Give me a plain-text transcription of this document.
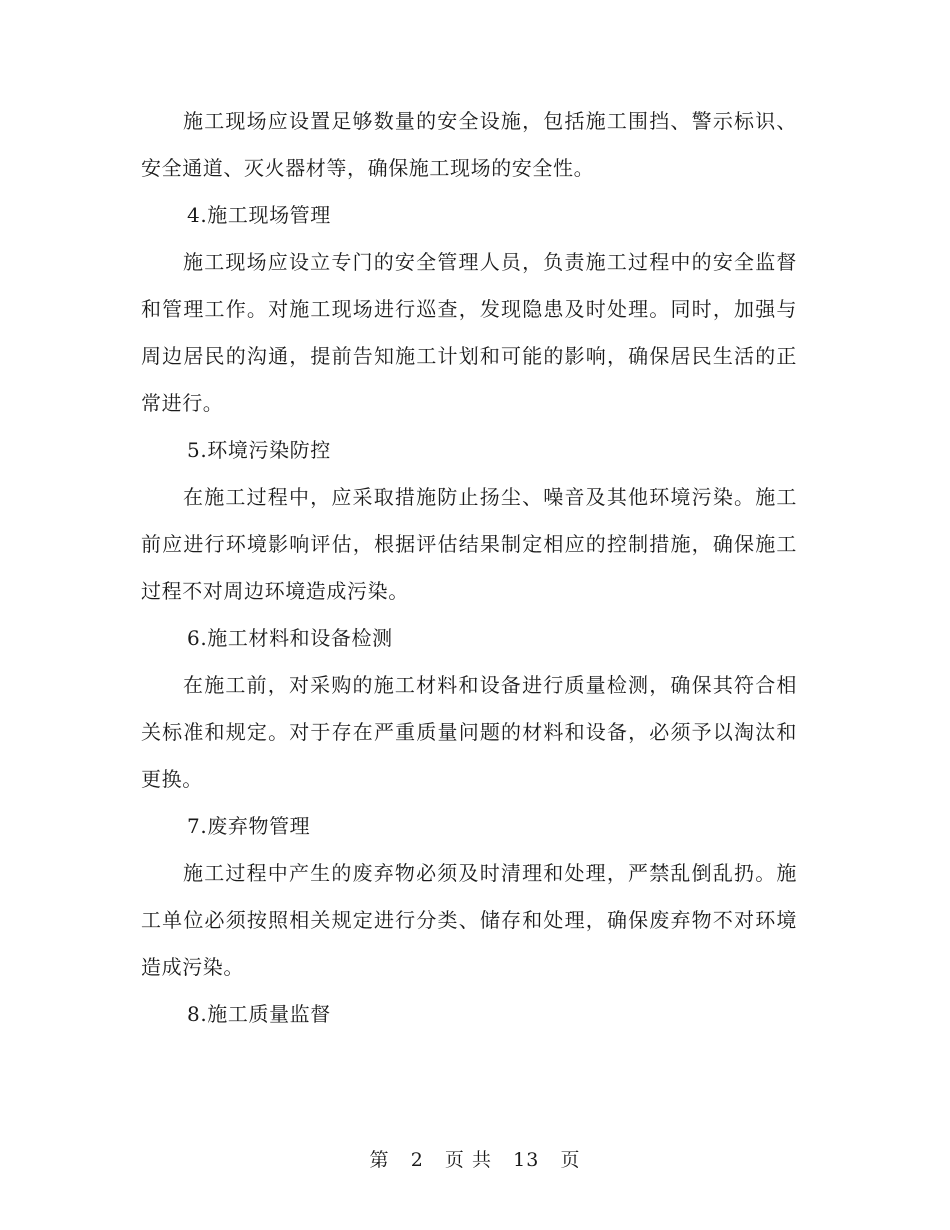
施工现场应设置足够数量的安全设施，包括施工围挡、警示标识、安全通道、灭火器材等，确保施工现场的安全性。

4.施工现场管理

施工现场应设立专门的安全管理人员，负责施工过程中的安全监督和管理工作。对施工现场进行巡查，发现隐患及时处理。同时，加强与周边居民的沟通，提前告知施工计划和可能的影响，确保居民生活的正常进行。

5.环境污染防控

在施工过程中，应采取措施防止扬尘、噪音及其他环境污染。施工前应进行环境影响评估，根据评估结果制定相应的控制措施，确保施工过程不对周边环境造成污染。

6.施工材料和设备检测

在施工前，对采购的施工材料和设备进行质量检测，确保其符合相关标准和规定。对于存在严重质量问题的材料和设备，必须予以淘汰和更换。

7.废弃物管理

施工过程中产生的废弃物必须及时清理和处理，严禁乱倒乱扔。施工单位必须按照相关规定进行分类、储存和处理，确保废弃物不对环境造成污染。

8.施工质量监督

第 2 页 共 13 页
